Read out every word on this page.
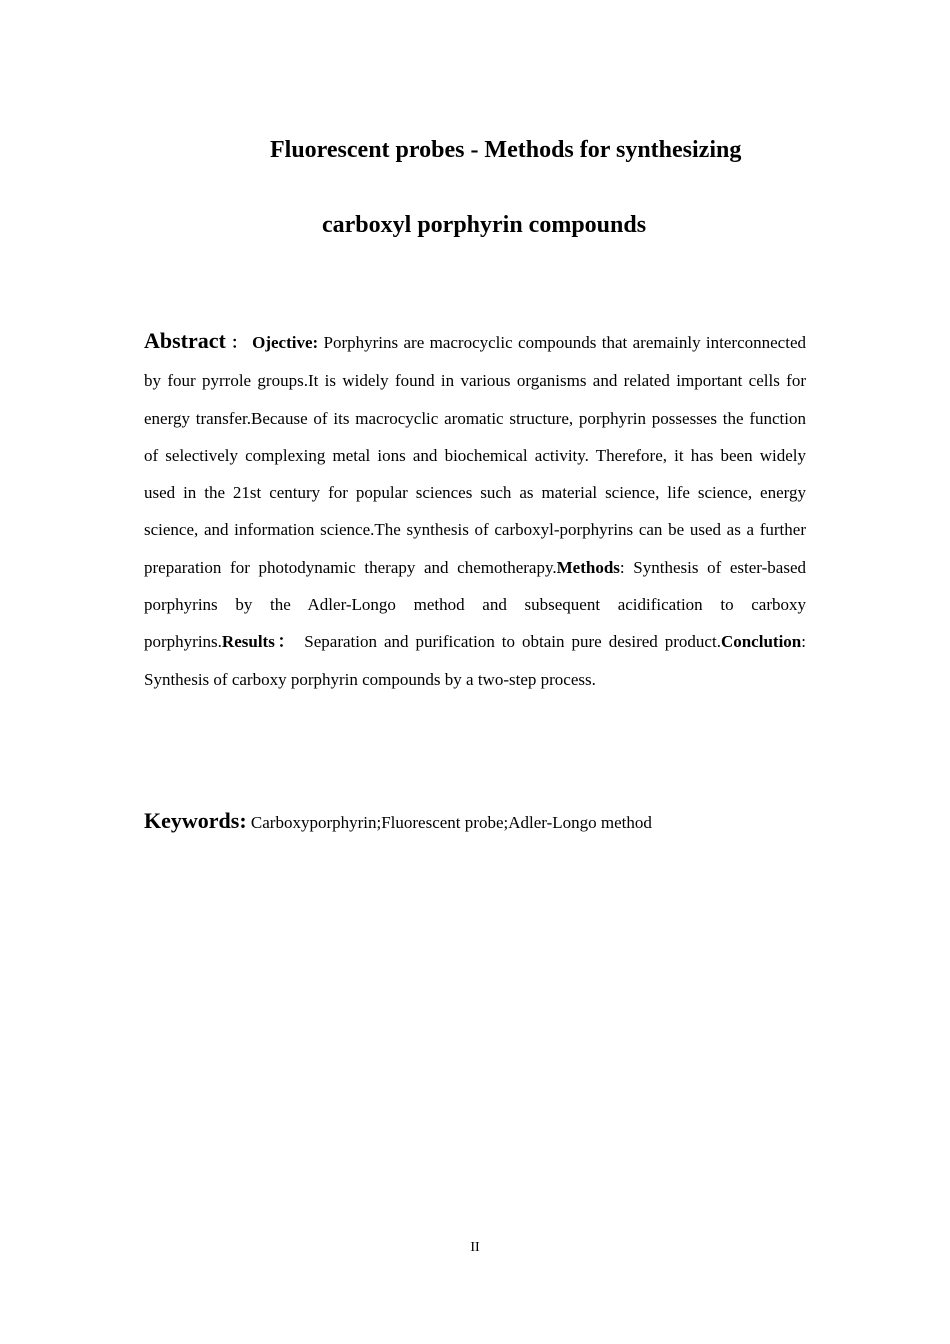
Fluorescent probes - Methods for synthesizing
carboxyl porphyrin compounds
Abstract ： Ojective: Porphyrins are macrocyclic compounds that aremainly interconnected by four pyrrole groups.It is widely found in various organisms and related important cells for energy transfer.Because of its macrocyclic aromatic structure, porphyrin possesses the function of selectively complexing metal ions and biochemical activity. Therefore, it has been widely used in the 21st century for popular sciences such as material science, life science, energy science, and information science.The synthesis of carboxyl-porphyrins can be used as a further preparation for photodynamic therapy and chemotherapy.Methods: Synthesis of ester-based porphyrins by the Adler-Longo method and subsequent acidification to carboxy porphyrins.Results： Separation and purification to obtain pure desired product.Conclution: Synthesis of carboxy porphyrin compounds by a two-step process.
Keywords: Carboxyporphyrin;Fluorescent probe;Adler-Longo method
II
